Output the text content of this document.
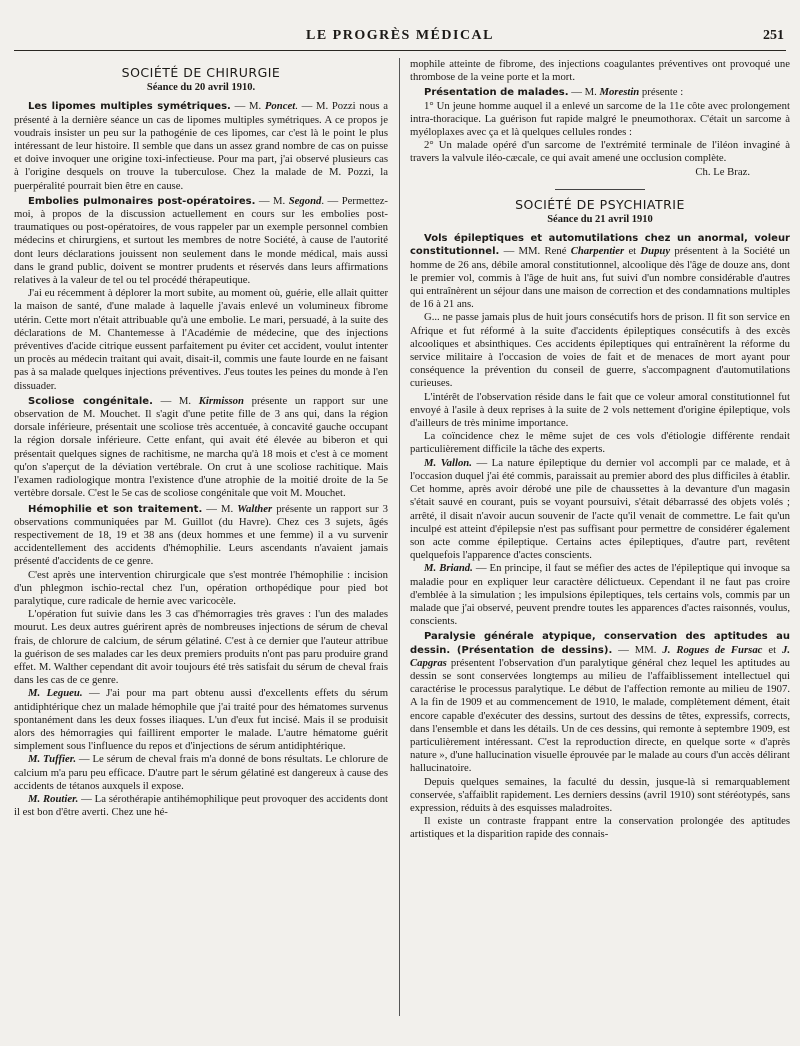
LE PROGRÈS MÉDICAL	251
SOCIÉTÉ DE CHIRURGIE
Séance du 20 avril 1910.

Les lipomes multiples symétriques. — M. Poncet. — M. Pozzi nous a présenté à la dernière séance un cas de lipomes multiples symétriques. A ce propos je voudrais insister un peu sur la pathogénie de ces lipomes, car c'est là le point le plus intéressant de leur histoire. Il semble que dans un assez grand nombre de cas on puisse et doive invoquer une origine toxi-infectieuse. Pour ma part, j'ai observé plusieurs cas à l'origine desquels on trouve la tuberculose. Chez la malade de M. Pozzi, la puerpéralité pourrait bien être en cause.

Embolies pulmonaires post-opératoires. — M. Segond. — Permettez-moi, à propos de la discussion actuellement en cours sur les embolies post-traumatiques ou post-opératoires, de vous rappeler par un exemple personnel combien médecins et chirurgiens, et surtout les membres de notre Société, à cause de l'autorité dont leurs déclarations jouissent non seulement dans le monde médical, mais aussi dans le grand public, doivent se montrer prudents et réservés dans leurs affirmations relatives à la valeur de tel ou tel procédé thérapeutique.

J'ai eu récemment à déplorer la mort subite, au moment où, guérie, elle allait quitter la maison de santé, d'une malade à laquelle j'avais enlevé un volumineux fibrome utérin. Cette mort n'était attribuable qu'à une embolie. Le mari, persuadé, à la suite des déclarations de M. Chantemesse à l'Académie de médecine, que des injections préventives d'acide citrique eussent parfaitement pu éviter cet accident, voulut intenter un procès au médecin traitant qui avait, disait-il, commis une faute lourde en ne faisant pas à sa malade quelques injections préventives. J'eus toutes les peines du monde à l'en dissuader.

Scoliose congénitale. — M. Kirmisson présente un rapport sur une observation de M. Mouchet. Il s'agit d'une petite fille de 3 ans qui, dans la région dorsale inférieure, présentait une scoliose très accentuée, à concavité gauche occupant la région dorsale inférieure. Cette enfant, qui avait été élevée au biberon et qui présentait quelques signes de rachitisme, ne marcha qu'à 18 mois et c'est à ce moment qu'on s'aperçut de la déviation vertébrale. On crut à une scoliose rachitique. Mais l'examen radiologique montra l'existence d'une atrophie de la moitié droite de la 5e vertèbre dorsale. C'est le 5e cas de scoliose congénitale que voit M. Mouchet.

Hémophilie et son traitement. — M. Walther présente un rapport sur 3 observations communiquées par M. Guillot (du Havre). Chez ces 3 sujets, âgés respectivement de 18, 19 et 38 ans (deux hommes et une femme) il a vu survenir accidentellement des accidents d'hémophilie. Leurs ascendants n'avaient jamais présenté d'accidents de ce genre.

C'est après une intervention chirurgicale que s'est montrée l'hémophilie : incision d'un phlegmon ischio-rectal chez l'un, opération orthopédique pour pied bot paralytique, cure radicale de hernie avec varicocèle.

L'opération fut suivie dans les 3 cas d'hémorragies très graves : l'un des malades mourut. Les deux autres guérirent après de nombreuses injections de sérum de cheval frais, de chlorure de calcium, de sérum gélatiné. C'est à ce dernier que l'auteur attribue la guérison de ses malades car les deux premiers produits n'ont pas paru produire grand effet. M. Walther cependant dit avoir toujours été très satisfait du sérum de cheval frais dans les cas de ce genre.

M. Legueu. — J'ai pour ma part obtenu aussi d'excellents effets du sérum antidiphtérique chez un malade hémophile que j'ai traité pour des hématomes survenus spontanément dans les deux fosses iliaques. L'un d'eux fut incisé. Mais il se produisit alors des hémorragies qui faillirent emporter le malade. L'autre hématome guérit simplement sous l'influence du repos et d'injections de sérum antidiphtérique.

M. Tuffier. — Le sérum de cheval frais m'a donné de bons résultats. Le chlorure de calcium m'a paru peu efficace. D'autre part le sérum gélatiné est dangereux à cause des accidents de tétanos auxquels il expose.

M. Routier. — La sérothérapie antihémophilique peut provoquer des accidents dont il est bon d'être averti. Chez une hé-

mophile atteinte de fibrome, des injections coagulantes préventives ont provoqué une thrombose de la veine porte et la mort.

Présentation de malades. — M. Morestin présente :

1° Un jeune homme auquel il a enlevé un sarcome de la 11e côte avec prolongement intra-thoracique. La guérison fut rapide malgré le pneumothorax. C'était un sarcome à myéloplaxes avec ça et là quelques cellules rondes :

2° Un malade opéré d'un sarcome de l'extrémité terminale de l'iléon invaginé à travers la valvule iléo-cæcale, ce qui avait amené une occlusion complète.

Ch. Le Braz.
SOCIÉTÉ DE PSYCHIATRIE
Séance du 21 avril 1910

Vols épileptiques et automutilations chez un anormal, voleur constitutionnel. — MM. René Charpentier et Dupuy présentent à la Société un homme de 26 ans, débile amoral constitutionnel, alcoolique dès l'âge de douze ans, dont le premier vol, commis à l'âge de huit ans, fut suivi d'un nombre considérable d'autres qui entraînèrent un séjour dans une maison de correction et des condamnations multiples de 16 à 21 ans.

G... ne passe jamais plus de huit jours consécutifs hors de prison. Il fit son service en Afrique et fut réformé à la suite d'accidents épileptiques consécutifs à des excès alcooliques et absinthiques. Ces accidents épileptiques qui entraînèrent la réforme du service militaire à l'occasion de voies de fait et de menaces de mort ayant pour conséquence la prévention du conseil de guerre, s'accompagnent d'automutilations curieuses.

L'intérêt de l'observation réside dans le fait que ce voleur amoral constitutionnel fut envoyé à l'asile à deux reprises à la suite de 2 vols nettement d'origine épileptique, vols d'ailleurs de très minime importance.

La coïncidence chez le même sujet de ces vols d'étiologie différente rendait particulièrement difficile la tâche des experts.

M. Vallon. — La nature épileptique du dernier vol accompli par ce malade, et à l'occasion duquel j'ai été commis, paraissait au premier abord des plus difficiles à établir. Cet homme, après avoir dérobé une pile de chaussettes à la devanture d'un magasin s'était sauvé en courant, puis se voyant poursuivi, s'était débarrassé des objets volés ; arrêté, il disait n'avoir aucun souvenir de l'acte qu'il venait de commettre. Le fait qu'un inculpé est atteint d'épilepsie n'est pas suffisant pour permettre de considérer également son acte comme épileptique. Certains actes épileptiques, d'autre part, revêtent quelquefois l'apparence d'actes conscients.

M. Briand. — En principe, il faut se méfier des actes de l'épileptique qui invoque sa maladie pour en expliquer leur caractère délictueux. Cependant il ne faut pas croire d'emblée à la simulation ; les impulsions épileptiques, tels certains vols, commis par un malade que j'ai observé, peuvent prendre toutes les apparences d'actes raisonnés, voulus, conscients.

Paralysie générale atypique, conservation des aptitudes au dessin. (Présentation de dessins). — MM. J. Rogues de Fursac et J. Capgras présentent l'observation d'un paralytique général chez lequel les aptitudes au dessin se sont conservées longtemps au milieu de l'affaiblissement intellectuel qui caractérise le processus paralytique. Le début de l'affection remonte au milieu de 1907. A la fin de 1909 et au commencement de 1910, le malade, complètement dément, était encore capable d'exécuter des dessins, surtout des dessins de têtes, expressifs, corrects, dans l'ensemble et dans les détails. Un de ces dessins, qui remonte à septembre 1909, est particulièrement intéressant. C'est la reproduction directe, en quelque sorte « d'après nature », d'une hallucination visuelle éprouvée par le malade au cours d'un accès délirant hallucinatoire.

Depuis quelques semaines, la faculté du dessin, jusque-là si remarquablement conservée, s'affaiblit rapidement. Les derniers dessins (avril 1910) sont stéréotypés, sans expression, réduits à des esquisses maladroites.

Il existe un contraste frappant entre la conservation prolongée des aptitudes artistiques et la disparition rapide des connais-
